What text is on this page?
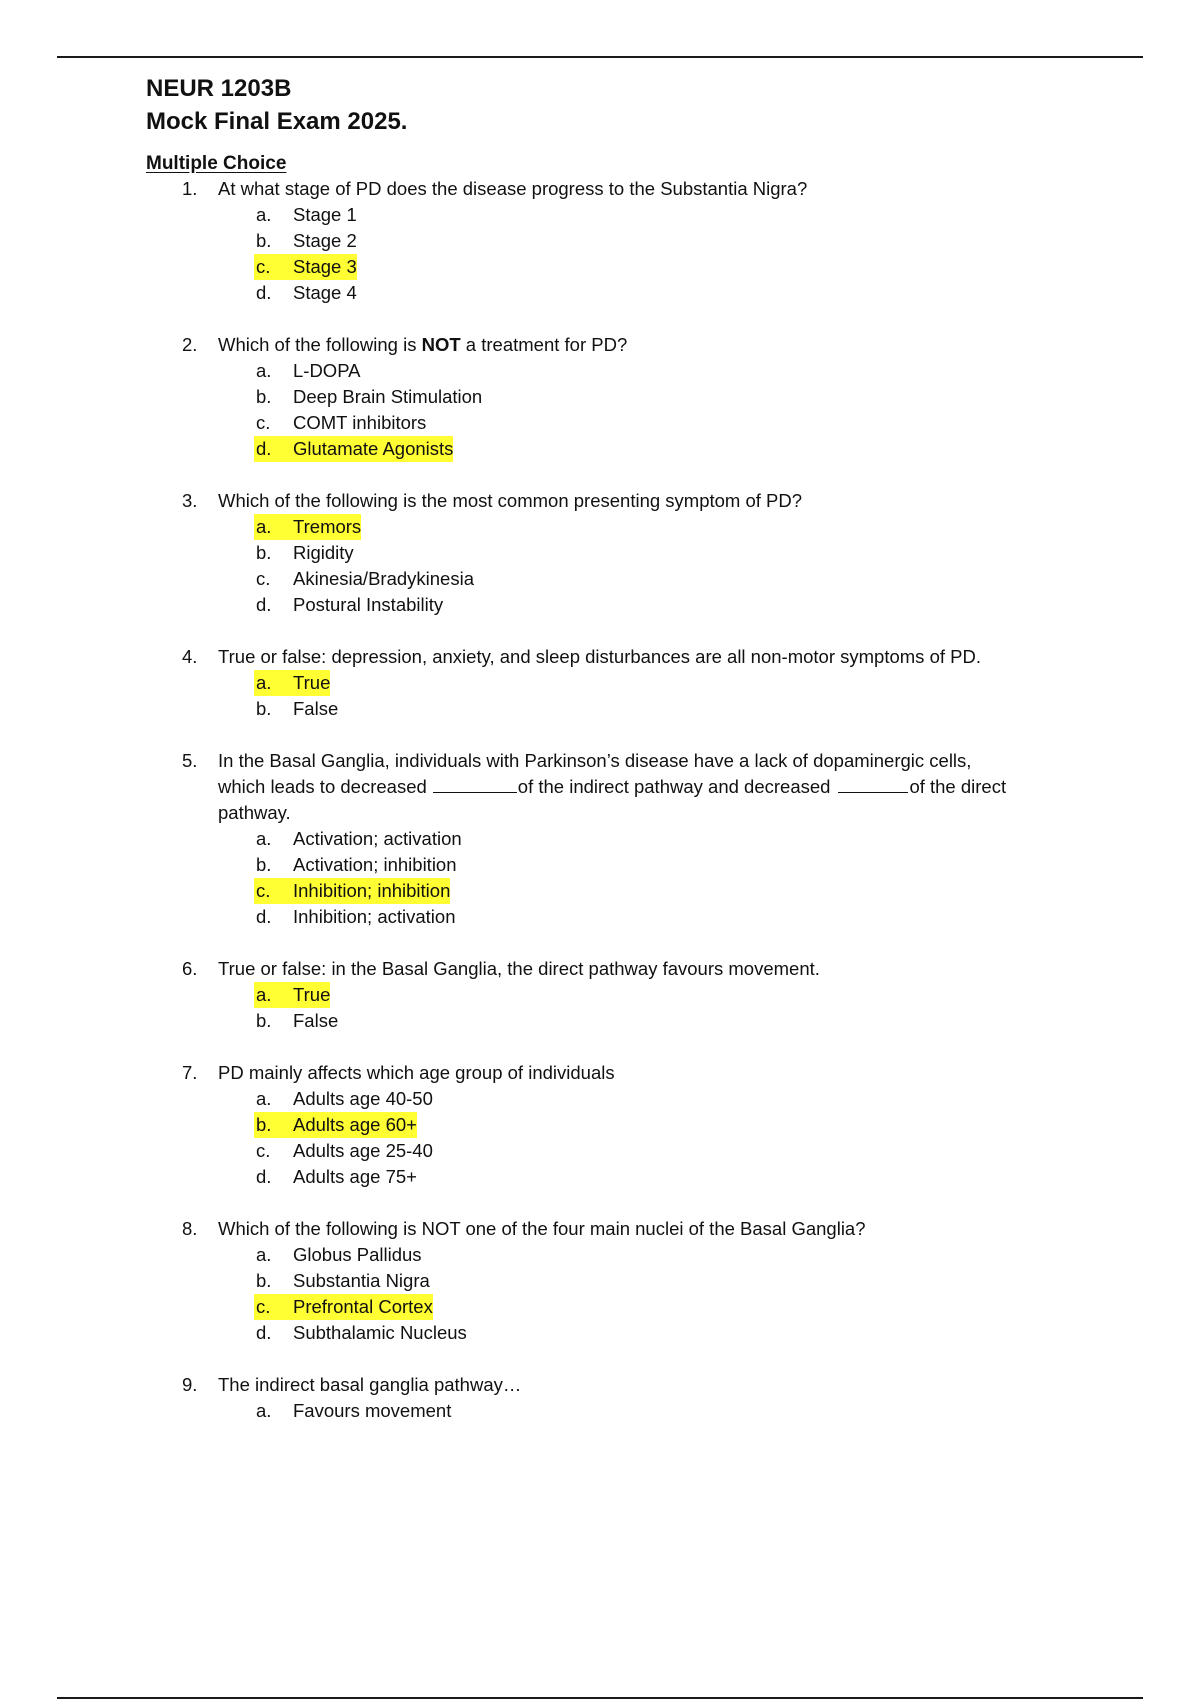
NEUR 1203B
Mock Final Exam 2025.
Multiple Choice
1.	At what stage of PD does the disease progress to the Substantia Nigra?
a.	Stage 1
b.	Stage 2
c.	Stage 3
d.	Stage 4
2.	Which of the following is NOT a treatment for PD?
a.	L-DOPA
b.	Deep Brain Stimulation
c.	COMT inhibitors
d.	Glutamate Agonists
3.	Which of the following is the most common presenting symptom of PD?
a.	Tremors
b.	Rigidity
c.	Akinesia/Bradykinesia
d.	Postural Instability
4.	True or false: depression, anxiety, and sleep disturbances are all non-motor symptoms of PD.
a.	True
b.	False
5.	In the Basal Ganglia, individuals with Parkinson’s disease have a lack of dopaminergic cells,
which leads to decreased	of the indirect pathway and decreased	of the direct
pathway.
a.	Activation; activation
b.	Activation; inhibition
c.	Inhibition; inhibition
d.	Inhibition; activation
6.	True or false: in the Basal Ganglia, the direct pathway favours movement.
a.	True
b.	False
7.	PD mainly affects which age group of individuals
a.	Adults age 40-50
b.	Adults age 60+
c.	Adults age 25-40
d.	Adults age 75+
8.	Which of the following is NOT one of the four main nuclei of the Basal Ganglia?
a.	Globus Pallidus
b.	Substantia Nigra
c.	Prefrontal Cortex
d.	Subthalamic Nucleus
9.	The indirect basal ganglia pathway…
a.	Favours movement
